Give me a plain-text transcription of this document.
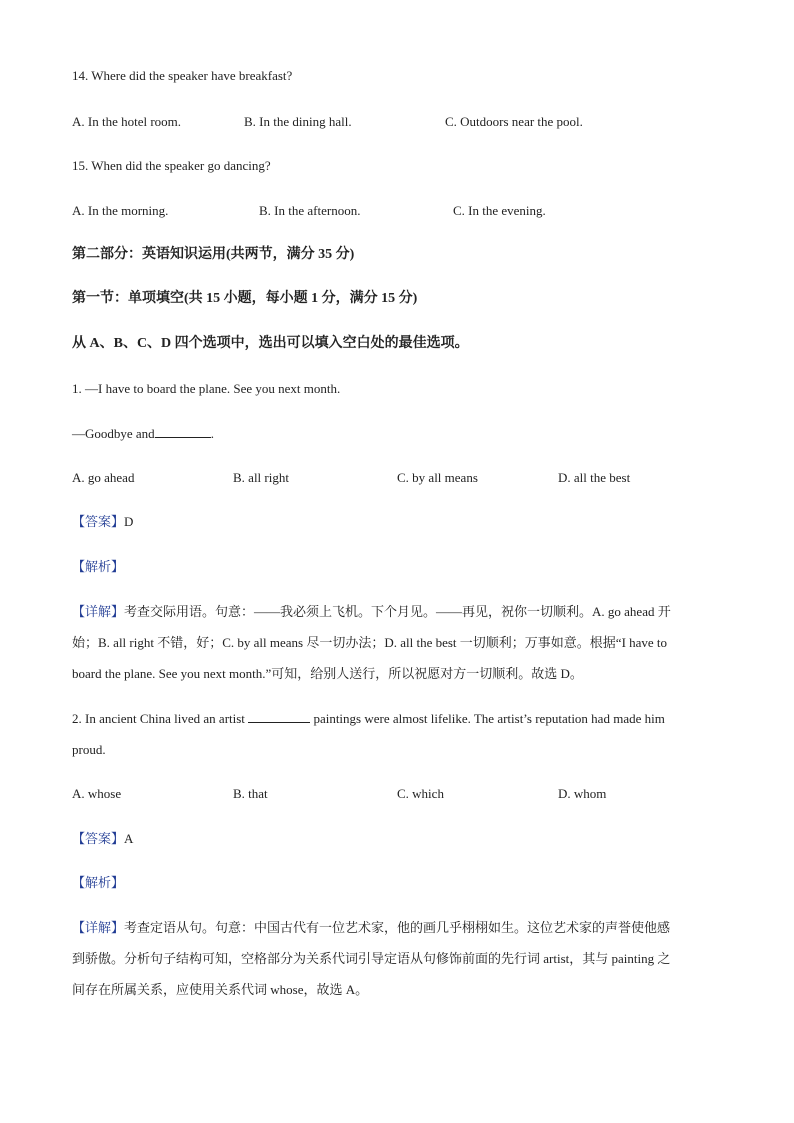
14. Where did the speaker have breakfast?
A. In the hotel room.	B. In the dining hall.	C. Outdoors near the pool.
15. When did the speaker go dancing?
A. In the morning.	B. In the afternoon.	C. In the evening.
第二部分：英语知识运用(共两节，满分 35 分)
第一节：单项填空(共 15 小题，每小题 1 分，满分 15 分)
从 A、B、C、D 四个选项中，选出可以填入空白处的最佳选项。
1. —I have to board the plane. See you next month.
—Goodbye and	.
A. go ahead	B. all right	C. by all means	D. all the best
【答案】D
【解析】
【详解】考查交际用语。句意：——我必须上飞机。下个月见。——再见，祝你一切顺利。A. go ahead 开
始；B. all right 不错，好；C. by all means 尽一切办法；D. all the best 一切顺利；万事如意。根据“I have to
board the plane. See you next month.”可知，给别人送行，所以祝愿对方一切顺利。故选 D。
2. In ancient China lived an artist	paintings were almost lifelike. The artist’s reputation had made him
proud.
A. whose	B. that	C. which	D. whom
【答案】A
【解析】
【详解】考查定语从句。句意：中国古代有一位艺术家，他的画几乎栩栩如生。这位艺术家的声誉使他感
到骄傲。分析句子结构可知，空格部分为关系代词引导定语从句修饰前面的先行词 artist，其与 painting 之
间存在所属关系，应使用关系代词 whose，故选 A。
